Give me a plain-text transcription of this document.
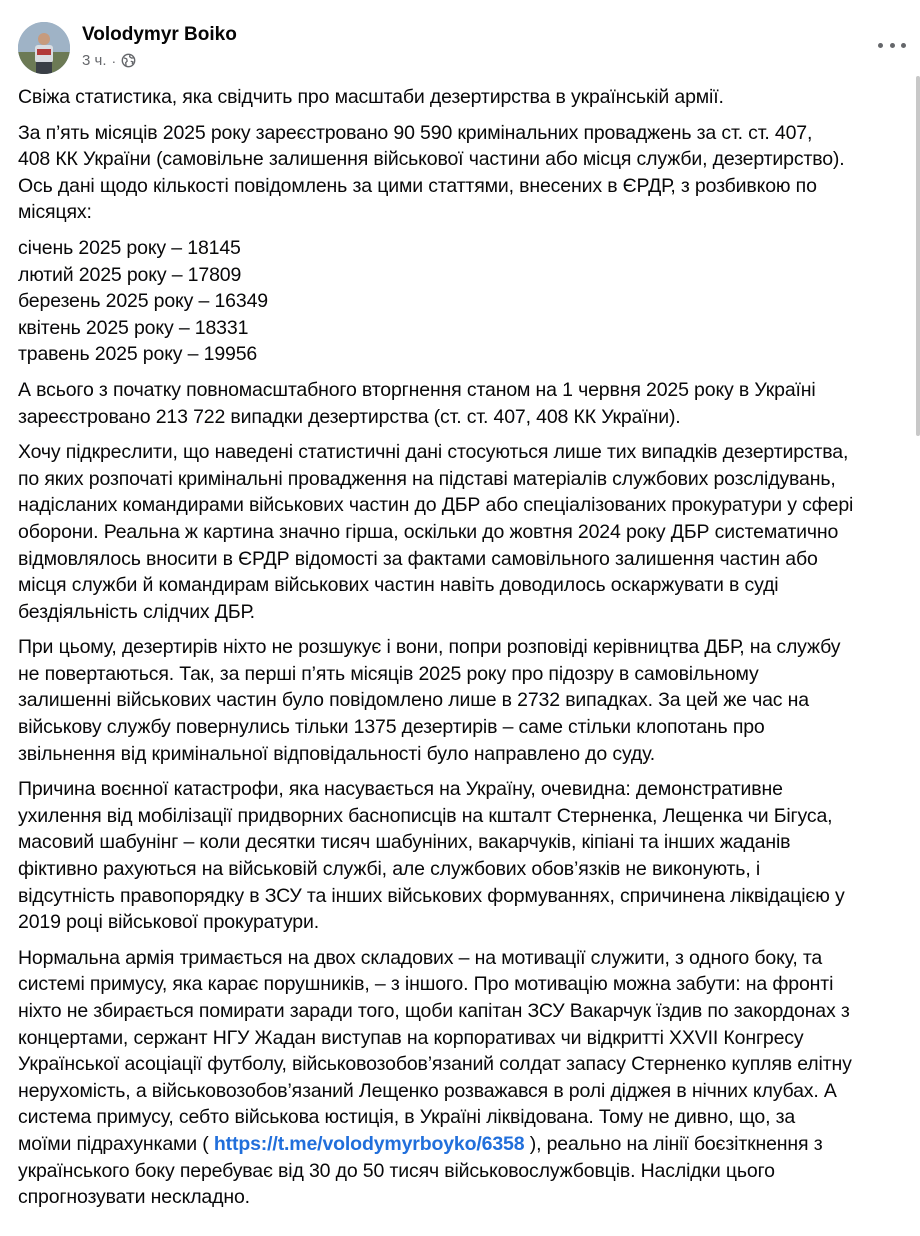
Volodymyr Boiko
3 ч. ·

Свіжа статистика, яка свідчить про масштаби дезертирства в українській армії.

За п’ять місяців 2025 року зареєстровано 90 590 кримінальних проваджень за ст. ст. 407,
408 КК України (самовільне залишення військової частини або місця служби, дезертирство).
Ось дані щодо кількості повідомлень за цими статтями, внесених в ЄРДР, з розбивкою по
місяцях:

січень 2025 року – 18145
лютий 2025 року – 17809
березень 2025 року – 16349
квітень 2025 року – 18331
травень 2025 року – 19956

А всього з початку повномасштабного вторгнення станом на 1 червня 2025 року в Україні
зареєстровано 213 722 випадки дезертирства (ст. ст. 407, 408 КК України).

Хочу підкреслити, що наведені статистичні дані стосуються лише тих випадків дезертирства,
по яких розпочаті кримінальні провадження на підставі матеріалів службових розслідувань,
надісланих командирами військових частин до ДБР або спеціалізованих прокуратури у сфері
оборони. Реальна ж картина значно гірша, оскільки до жовтня 2024 року ДБР систематично
відмовлялось вносити в ЄРДР відомості за фактами самовільного залишення частин або
місця служби й командирам військових частин навіть доводилось оскаржувати в суді
бездіяльність слідчих ДБР.

При цьому, дезертирів ніхто не розшукує і вони, попри розповіді керівництва ДБР, на службу
не повертаються. Так, за перші п’ять місяців 2025 року про підозру в самовільному
залишенні військових частин було повідомлено лише в 2732 випадках. За цей же час на
військову службу повернулись тільки 1375 дезертирів – саме стільки клопотань про
звільнення від кримінальної відповідальності було направлено до суду.

Причина воєнної катастрофи, яка насувається на Україну, очевидна: демонстративне
ухилення від мобілізації придворних баснописців на кшталт Стерненка, Лещенка чи Бігуса,
масовий шабунінг – коли десятки тисяч шабуніних, вакарчуків, кіпіані та інших жаданів
фіктивно рахуються на військовій службі, але службових обов’язків не виконують, і
відсутність правопорядку в ЗСУ та інших військових формуваннях, спричинена ліквідацією у
2019 році військової прокуратури.

Нормальна армія тримається на двох складових – на мотивації служити, з одного боку, та
системі примусу, яка карає порушників, – з іншого. Про мотивацію можна забути: на фронті
ніхто не збирається помирати заради того, щоби капітан ЗСУ Вакарчук їздив по закордонах з
концертами, сержант НГУ Жадан виступав на корпоративах чи відкритті XXVII Конгресу
Української асоціації футболу, військовозобов’язаний солдат запасу Стерненко купляв елітну
нерухомість, а військовозобов’язаний Лещенко розважався в ролі діджея в нічних клубах. А
система примусу, себто військова юстиція, в Україні ліквідована. Тому не дивно, що, за
моїми підрахунками ( https://t.me/volodymyrboyko/6358 ), реально на лінії боєзіткнення з
українського боку перебуває від 30 до 50 тисяч військовослужбовців. Наслідки цього
спрогнозувати нескладно.
